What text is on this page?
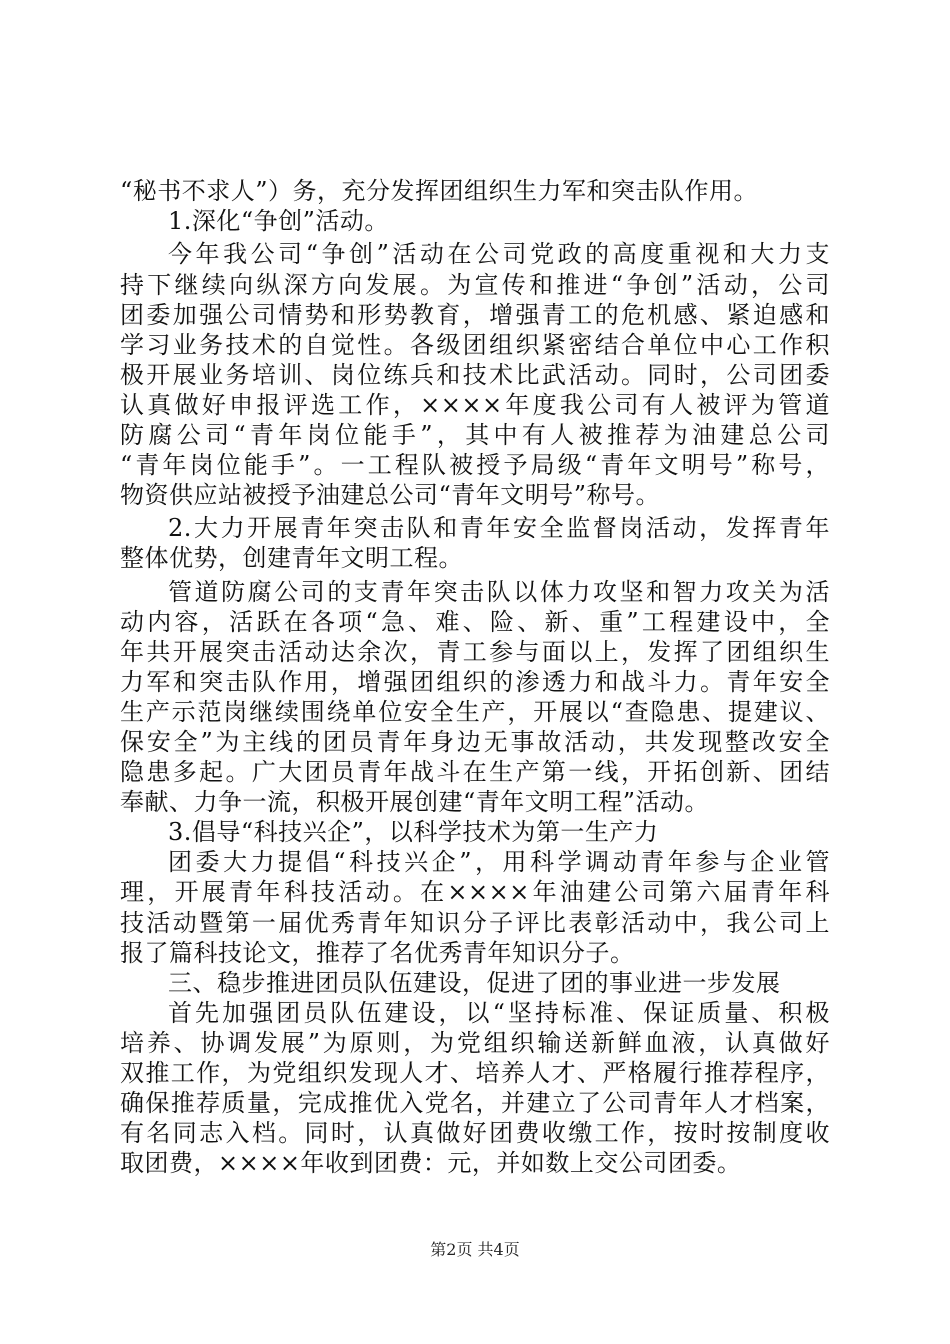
“秘书不求人”）务，充分发挥团组织生力军和突击队作用。
1.深化“争创”活动。
今年我公司“争创”活动在公司党政的高度重视和大力支
持下继续向纵深方向发展。为宣传和推进“争创”活动，公司
团委加强公司情势和形势教育，增强青工的危机感、紧迫感和
学习业务技术的自觉性。各级团组织紧密结合单位中心工作积
极开展业务培训、岗位练兵和技术比武活动。同时，公司团委
认真做好申报评选工作，××××年度我公司有人被评为管道
防腐公司“青年岗位能手”，其中有人被推荐为油建总公司
“青年岗位能手”。一工程队被授予局级“青年文明号”称号，
物资供应站被授予油建总公司“青年文明号”称号。
2.大力开展青年突击队和青年安全监督岗活动，发挥青年
整体优势，创建青年文明工程。
管道防腐公司的支青年突击队以体力攻坚和智力攻关为活
动内容，活跃在各项“急、难、险、新、重”工程建设中，全
年共开展突击活动达余次，青工参与面以上，发挥了团组织生
力军和突击队作用，增强团组织的渗透力和战斗力。青年安全
生产示范岗继续围绕单位安全生产，开展以“查隐患、提建议、
保安全”为主线的团员青年身边无事故活动，共发现整改安全
隐患多起。广大团员青年战斗在生产第一线，开拓创新、团结
奉献、力争一流，积极开展创建“青年文明工程”活动。
3.倡导“科技兴企”，以科学技术为第一生产力
团委大力提倡“科技兴企”，用科学调动青年参与企业管
理，开展青年科技活动。在××××年油建公司第六届青年科
技活动暨第一届优秀青年知识分子评比表彰活动中，我公司上
报了篇科技论文，推荐了名优秀青年知识分子。
三、稳步推进团员队伍建设，促进了团的事业进一步发展
首先加强团员队伍建设，以“坚持标准、保证质量、积极
培养、协调发展”为原则，为党组织输送新鲜血液，认真做好
双推工作，为党组织发现人才、培养人才、严格履行推荐程序，
确保推荐质量，完成推优入党名，并建立了公司青年人才档案，
有名同志入档。同时，认真做好团费收缴工作，按时按制度收
取团费，××××年收到团费：元，并如数上交公司团委。
第2页 共4页
